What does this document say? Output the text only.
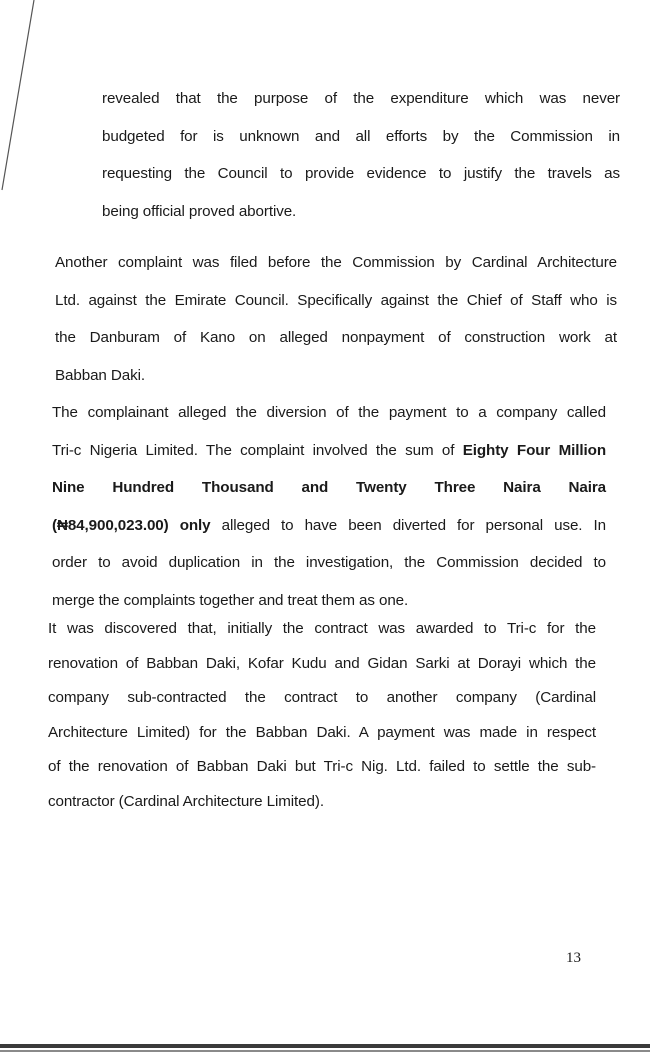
revealed that the purpose of the expenditure which was never
budgeted for is unknown and all efforts by the Commission in
requesting the Council to provide evidence to justify the travels as
being official proved abortive.
Another complaint was filed before the Commission by Cardinal Architecture
Ltd. against the Emirate Council. Specifically against the Chief of Staff who is
the Danburam of Kano on alleged nonpayment of construction work at
Babban Daki.
The complainant alleged the diversion of the payment to a company called
Tri-c Nigeria Limited. The complaint involved the sum of Eighty Four Million
Nine Hundred Thousand and Twenty Three Naira Naira
(₦84,900,023.00) only alleged to have been diverted for personal use. In
order to avoid duplication in the investigation, the Commission decided to
merge the complaints together and treat them as one.
It was discovered that, initially the contract was awarded to Tri-c for the
renovation of Babban Daki, Kofar Kudu and Gidan Sarki at Dorayi which the
company sub-contracted the contract to another company (Cardinal
Architecture Limited) for the Babban Daki. A payment was made in respect
of the renovation of Babban Daki but Tri-c Nig. Ltd. failed to settle the sub-
contractor (Cardinal Architecture Limited).
13
